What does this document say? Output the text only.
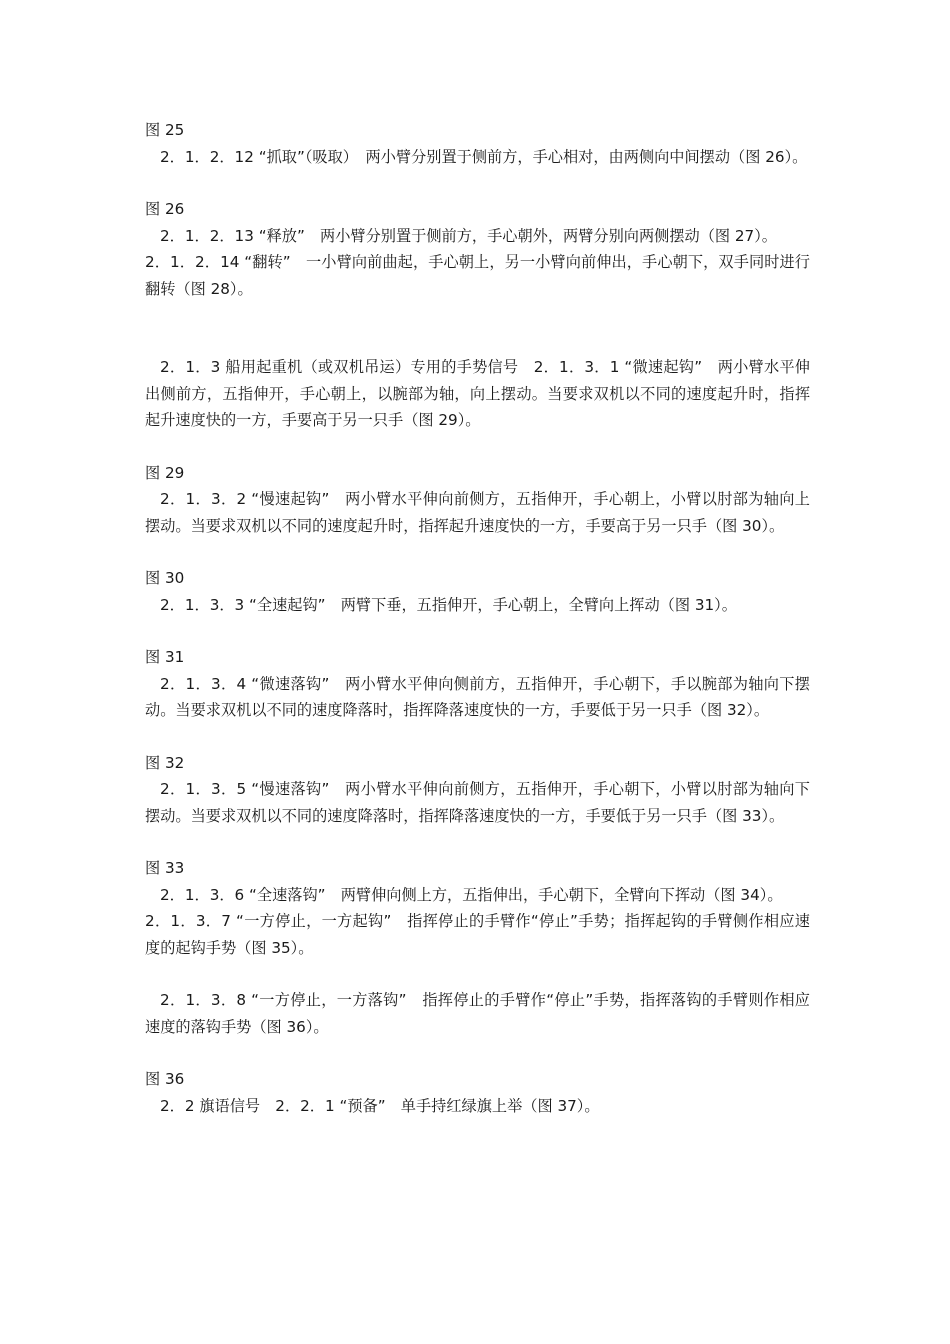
图 25

2．1．2．12 “抓取”（吸取）　两小臂分别置于侧前方，手心相对，由两侧向中间摆动（图 26）。

图 26

2．1．2．13 “释放”　两小臂分别置于侧前方，手心朝外，两臂分别向两侧摆动（图 27）。

2．1．2．14 “翻转”　一小臂向前曲起，手心朝上，另一小臂向前伸出，手心朝下，双手同时进行翻转（图 28）。

2．1．3 船用起重机（或双机吊运）专用的手势信号　2．1．3．1 “微速起钩”　两小臂水平伸出侧前方，五指伸开，手心朝上，以腕部为轴，向上摆动。当要求双机以不同的速度起升时，指挥起升速度快的一方，手要高于另一只手（图 29）。

图 29

2．1．3．2 “慢速起钩”　两小臂水平伸向前侧方，五指伸开，手心朝上，小臂以肘部为轴向上摆动。当要求双机以不同的速度起升时，指挥起升速度快的一方，手要高于另一只手（图 30）。

图 30

2．1．3．3 “全速起钩”　两臂下垂，五指伸开，手心朝上，全臂向上挥动（图 31）。

图 31

2．1．3．4 “微速落钩”　两小臂水平伸向侧前方，五指伸开，手心朝下，手以腕部为轴向下摆动。当要求双机以不同的速度降落时，指挥降落速度快的一方，手要低于另一只手（图 32）。

图 32

2．1．3．5 “慢速落钩”　两小臂水平伸向前侧方，五指伸开，手心朝下，小臂以肘部为轴向下摆动。当要求双机以不同的速度降落时，指挥降落速度快的一方，手要低于另一只手（图 33）。

图 33

2．1．3．6 “全速落钩”　两臂伸向侧上方，五指伸出，手心朝下，全臂向下挥动（图 34）。

2．1．3．7 “一方停止，一方起钩”　指挥停止的手臂作“停止”手势；指挥起钩的手臂侧作相应速度的起钩手势（图 35）。

2．1．3．8 “一方停止，一方落钩”　指挥停止的手臂作“停止”手势，指挥落钩的手臂则作相应速度的落钩手势（图 36）。

图 36

2．2 旗语信号　2．2．1 “预备”　单手持红绿旗上举（图 37）。
